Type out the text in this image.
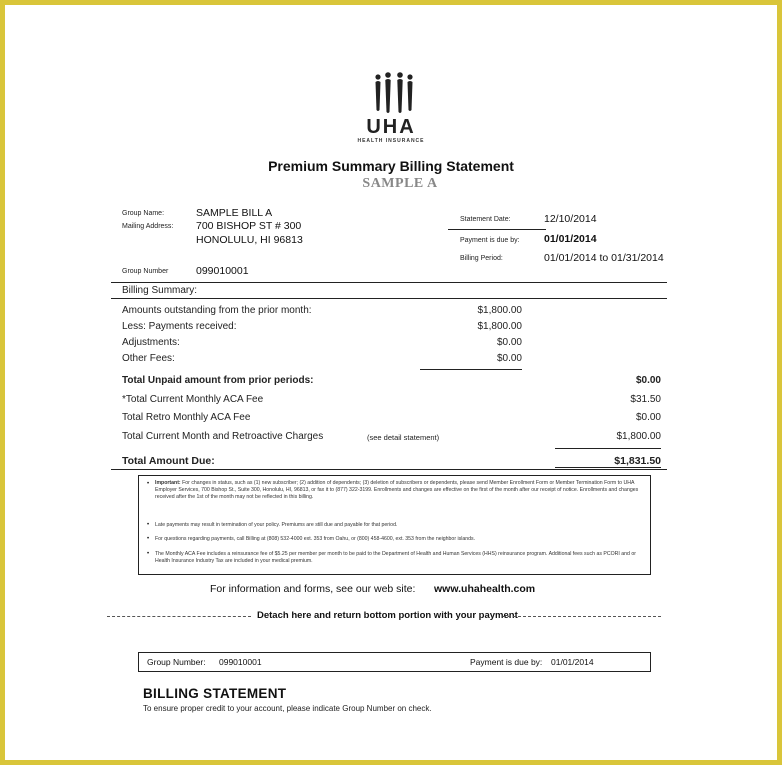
UHA
HEALTH INSURANCE
Premium Summary Billing Statement
SAMPLE A
Group Name:	SAMPLE BILL A
Mailing Address: 700 BISHOP ST # 300
HONOLULU, HI 96813
Group Number	099010001
Statement Date:	12/10/2014
Payment is due by: 01/01/2014
Billing Period:	01/01/2014 to 01/31/2014
Billing Summary:
Amounts outstanding from the prior month:	$1,800.00
Less: Payments received:	$1,800.00
Adjustments:	$0.00
Other Fees:	$0.00
Total Unpaid amount from prior periods:	$0.00
*Total Current Monthly ACA Fee	$31.50
Total Retro Monthly ACA Fee	$0.00
Total Current Month and Retroactive Charges	(see detail statement)	$1,800.00
Total Amount Due:	$1,831.50
• Important: For changes in status, such as (1) new subscriber; (2) addition of dependents; (3) deletion of subscribers or dependents, please send Member Enrollment Form or Member Termination Form to UHA Employer Services, 700 Bishop St., Suite 300, Honolulu, HI, 96813, or fax it to (877) 322-3199. Enrollments and changes are effective on the first of the month after our receipt of notice. Enrollments and changes received after the 1st of the month may not be reflected in this billing.

• Late payments may result in termination of your policy. Premiums are still due and payable for that period.

• For questions regarding payments, call Billing at (808) 532-4000 ext. 353 from Oahu, or (800) 458-4600, ext. 353 from the neighbor islands.

• The Monthly ACA Fee includes a reinsurance fee of $5.25 per member per month to be paid to the Department of Health and Human Services (HHS) reinsurance program. Additional fees such as PCORI and or Health Insurance Industry Tax are included in your medical premium.

For information and forms, see our web site: www.uhahealth.com
Detach here and return bottom portion with your payment
Group Number: 099010001	Payment is due by: 01/01/2014
BILLING STATEMENT
To ensure proper credit to your account, please indicate Group Number on check.
